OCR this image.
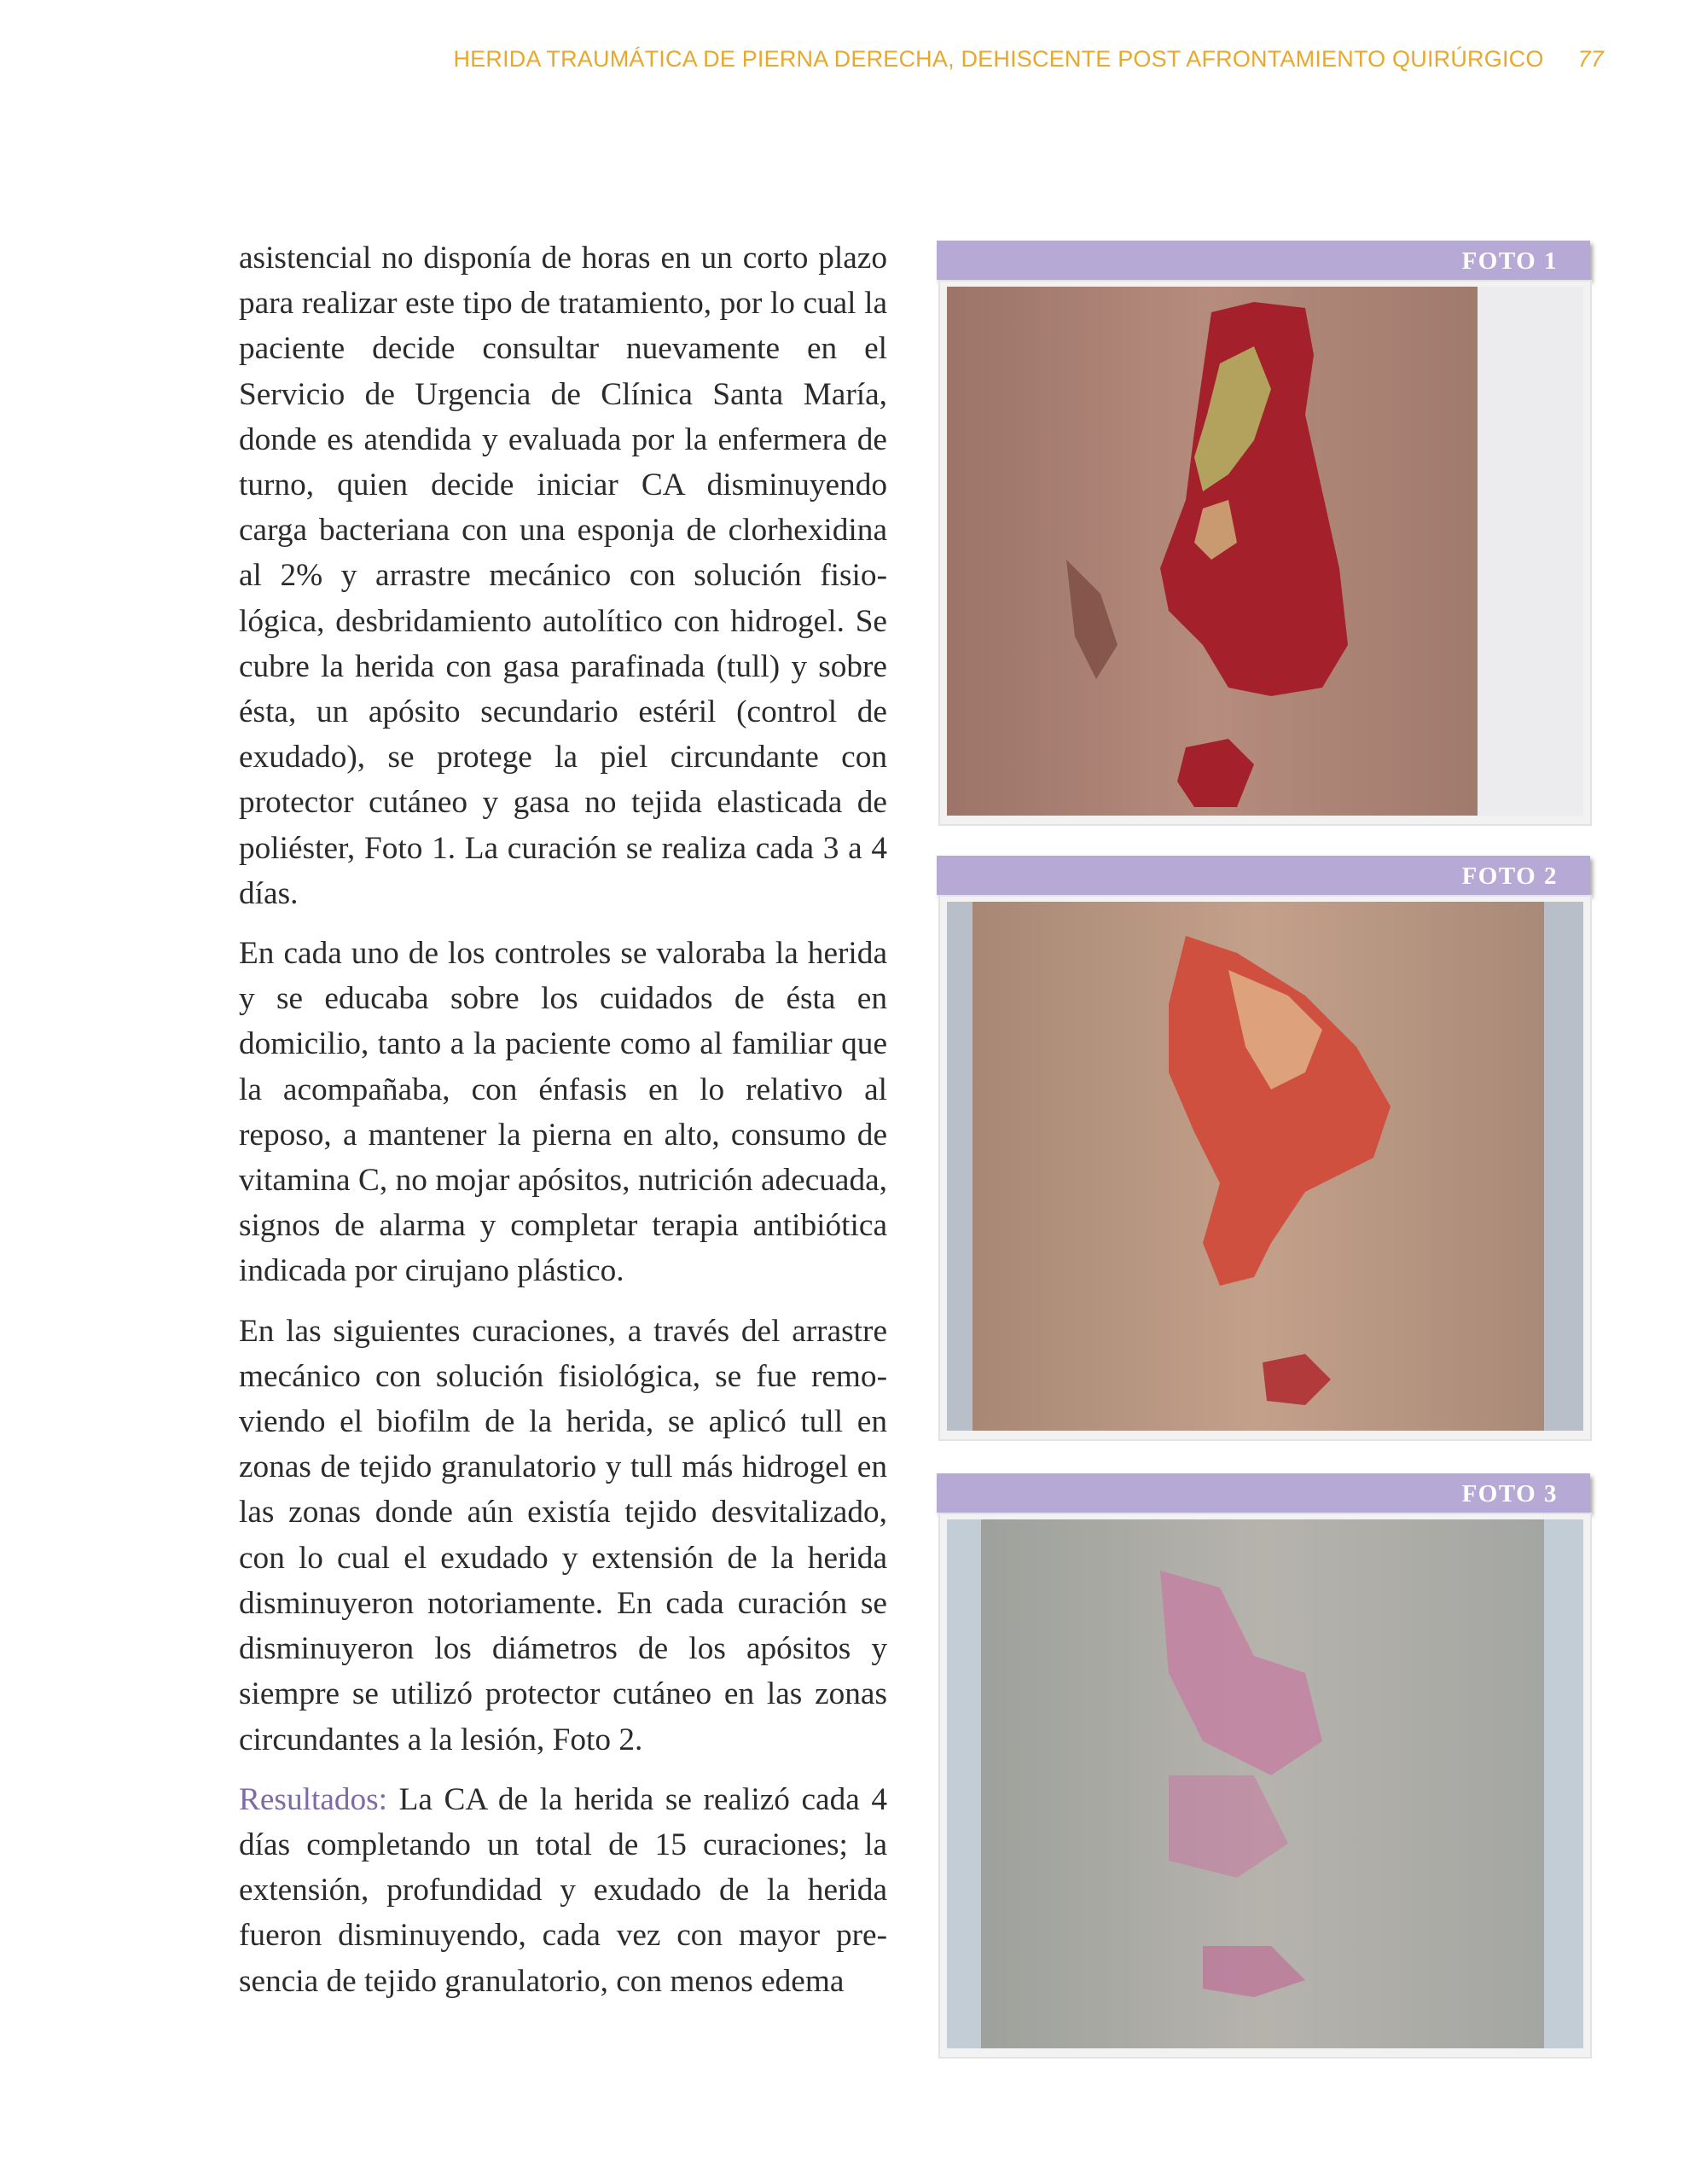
HERIDA TRAUMÁTICA DE PIERNA DERECHA, DEHISCENTE POST AFRONTAMIENTO QUIRÚRGICO 77

asistencial no disponía de horas en un corto plazo para realizar este tipo de tratamiento, por lo cual la paciente decide consultar nuevamente en el Servicio de Urgencia de Clínica Santa María, donde es atendida y evaluada por la enfermera de turno, quien decide iniciar CA disminuyendo carga bacteriana con una esponja de clorhexidina al 2% y arrastre mecánico con solución fisiológica, desbridamiento autolítico con hidrogel. Se cubre la herida con gasa parafinada (tull) y sobre ésta, un apósito secundario estéril (control de exudado), se protege la piel circundante con protector cutáneo y gasa no tejida elasticada de poliéster, Foto 1. La curación se realiza cada 3 a 4 días.

En cada uno de los controles se valoraba la herida y se educaba sobre los cuidados de ésta en domicilio, tanto a la paciente como al familiar que la acompañaba, con énfasis en lo relativo al reposo, a mantener la pierna en alto, consumo de vitamina C, no mojar apósitos, nutrición adecuada, signos de alarma y completar terapia antibiótica indicada por cirujano plástico.

En las siguientes curaciones, a través del arrastre mecánico con solución fisiológica, se fue removiendo el biofilm de la herida, se aplicó tull en zonas de tejido granulatorio y tull más hidrogel en las zonas donde aún existía tejido desvitalizado, con lo cual el exudado y extensión de la herida disminuyeron notoriamente. En cada curación se disminuyeron los diámetros de los apósitos y siempre se utilizó protector cutáneo en las zonas circundantes a la lesión, Foto 2.

Resultados: La CA de la herida se realizó cada 4 días completando un total de 15 curaciones; la extensión, profundidad y exudado de la herida fueron disminuyendo, cada vez con mayor presencia de tejido granulatorio, con menos edema

FOTO 1
FOTO 2
FOTO 3
